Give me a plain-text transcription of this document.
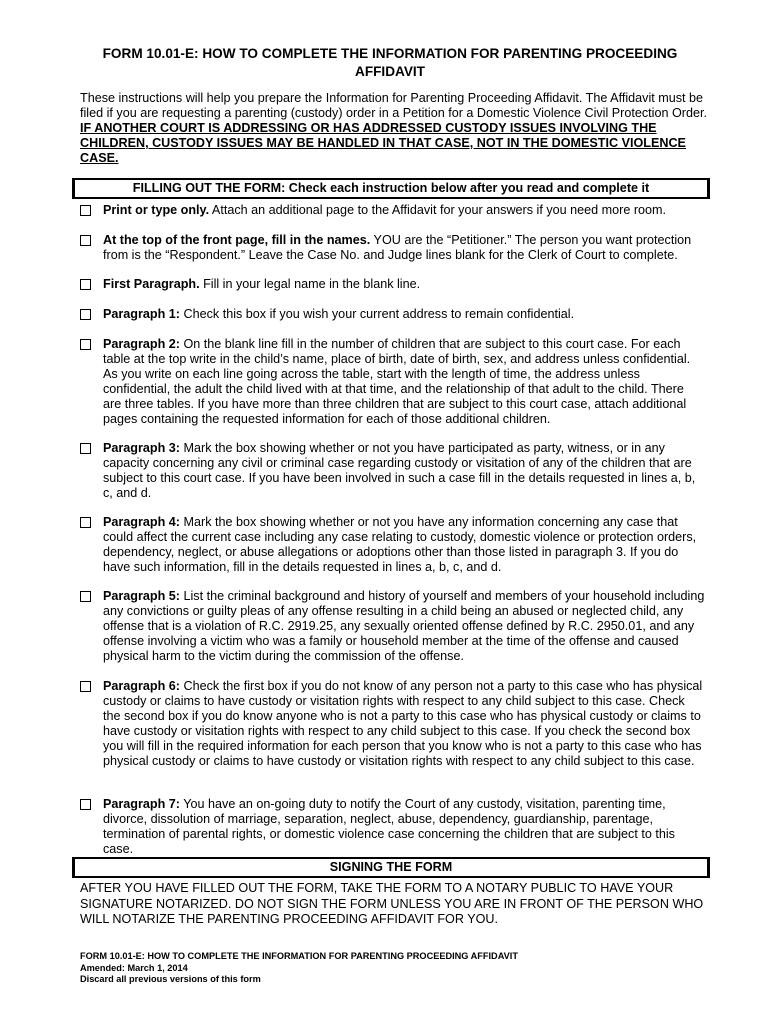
FORM 10.01-E: HOW TO COMPLETE THE INFORMATION FOR PARENTING PROCEEDING
AFFIDAVIT
These instructions will help you prepare the Information for Parenting Proceeding Affidavit. The Affidavit must be filed if you are requesting a parenting (custody) order in a Petition for a Domestic Violence Civil Protection Order. IF ANOTHER COURT IS ADDRESSING OR HAS ADDRESSED CUSTODY ISSUES INVOLVING THE CHILDREN, CUSTODY ISSUES MAY BE HANDLED IN THAT CASE, NOT IN THE DOMESTIC VIOLENCE CASE.
FILLING OUT THE FORM: Check each instruction below after you read and complete it
Print or type only. Attach an additional page to the Affidavit for your answers if you need more room.
At the top of the front page, fill in the names. YOU are the “Petitioner.” The person you want protection from is the “Respondent.” Leave the Case No. and Judge lines blank for the Clerk of Court to complete.
First Paragraph. Fill in your legal name in the blank line.
Paragraph 1: Check this box if you wish your current address to remain confidential.
Paragraph 2: On the blank line fill in the number of children that are subject to this court case. For each table at the top write in the child’s name, place of birth, date of birth, sex, and address unless confidential. As you write on each line going across the table, start with the length of time, the address unless confidential, the adult the child lived with at that time, and the relationship of that adult to the child. There are three tables. If you have more than three children that are subject to this court case, attach additional pages containing the requested information for each of those additional children.
Paragraph 3: Mark the box showing whether or not you have participated as party, witness, or in any capacity concerning any civil or criminal case regarding custody or visitation of any of the children that are subject to this court case. If you have been involved in such a case fill in the details requested in lines a, b, c, and d.
Paragraph 4: Mark the box showing whether or not you have any information concerning any case that could affect the current case including any case relating to custody, domestic violence or protection orders, dependency, neglect, or abuse allegations or adoptions other than those listed in paragraph 3. If you do have such information, fill in the details requested in lines a, b, c, and d.
Paragraph 5: List the criminal background and history of yourself and members of your household including any convictions or guilty pleas of any offense resulting in a child being an abused or neglected child, any offense that is a violation of R.C. 2919.25, any sexually oriented offense defined by R.C. 2950.01, and any offense involving a victim who was a family or household member at the time of the offense and caused physical harm to the victim during the commission of the offense.
Paragraph 6: Check the first box if you do not know of any person not a party to this case who has physical custody or claims to have custody or visitation rights with respect to any child subject to this case. Check the second box if you do know anyone who is not a party to this case who has physical custody or claims to have custody or visitation rights with respect to any child subject to this case. If you check the second box you will fill in the required information for each person that you know who is not a party to this case who has physical custody or claims to have custody or visitation rights with respect to any child subject to this case.
Paragraph 7: You have an on-going duty to notify the Court of any custody, visitation, parenting time, divorce, dissolution of marriage, separation, neglect, abuse, dependency, guardianship, parentage, termination of parental rights, or domestic violence case concerning the children that are subject to this case.
SIGNING THE FORM
AFTER YOU HAVE FILLED OUT THE FORM, TAKE THE FORM TO A NOTARY PUBLIC TO HAVE YOUR SIGNATURE NOTARIZED. DO NOT SIGN THE FORM UNLESS YOU ARE IN FRONT OF THE PERSON WHO WILL NOTARIZE THE PARENTING PROCEEDING AFFIDAVIT FOR YOU.
FORM 10.01-E: HOW TO COMPLETE THE INFORMATION FOR PARENTING PROCEEDING AFFIDAVIT
Amended: March 1, 2014
Discard all previous versions of this form
